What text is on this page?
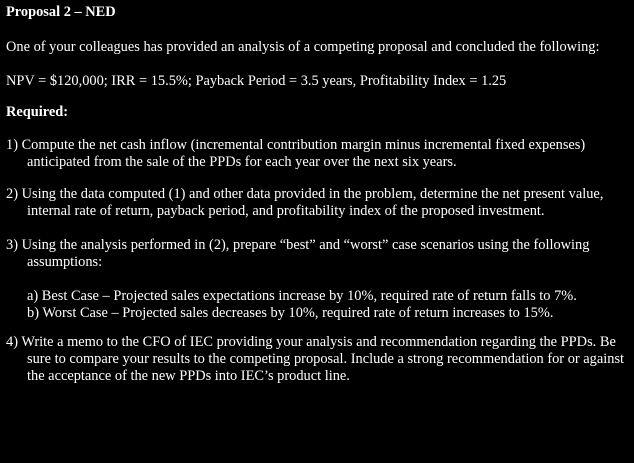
Proposal 2 – NED

One of your colleagues has provided an analysis of a competing proposal and concluded the following:

NPV = $120,000; IRR = 15.5%; Payback Period = 3.5 years, Profitability Index = 1.25

Required:

1) Compute the net cash inflow (incremental contribution margin minus incremental fixed expenses) anticipated from the sale of the PPDs for each year over the next six years.

2) Using the data computed (1) and other data provided in the problem, determine the net present value, internal rate of return, payback period, and profitability index of the proposed investment.

3) Using the analysis performed in (2), prepare “best” and “worst” case scenarios using the following assumptions:

a) Best Case – Projected sales expectations increase by 10%, required rate of return falls to 7%.

b) Worst Case – Projected sales decreases by 10%, required rate of return increases to 15%.

4) Write a memo to the CFO of IEC providing your analysis and recommendation regarding the PPDs. Be sure to compare your results to the competing proposal. Include a strong recommendation for or against the acceptance of the new PPDs into IEC’s product line.
